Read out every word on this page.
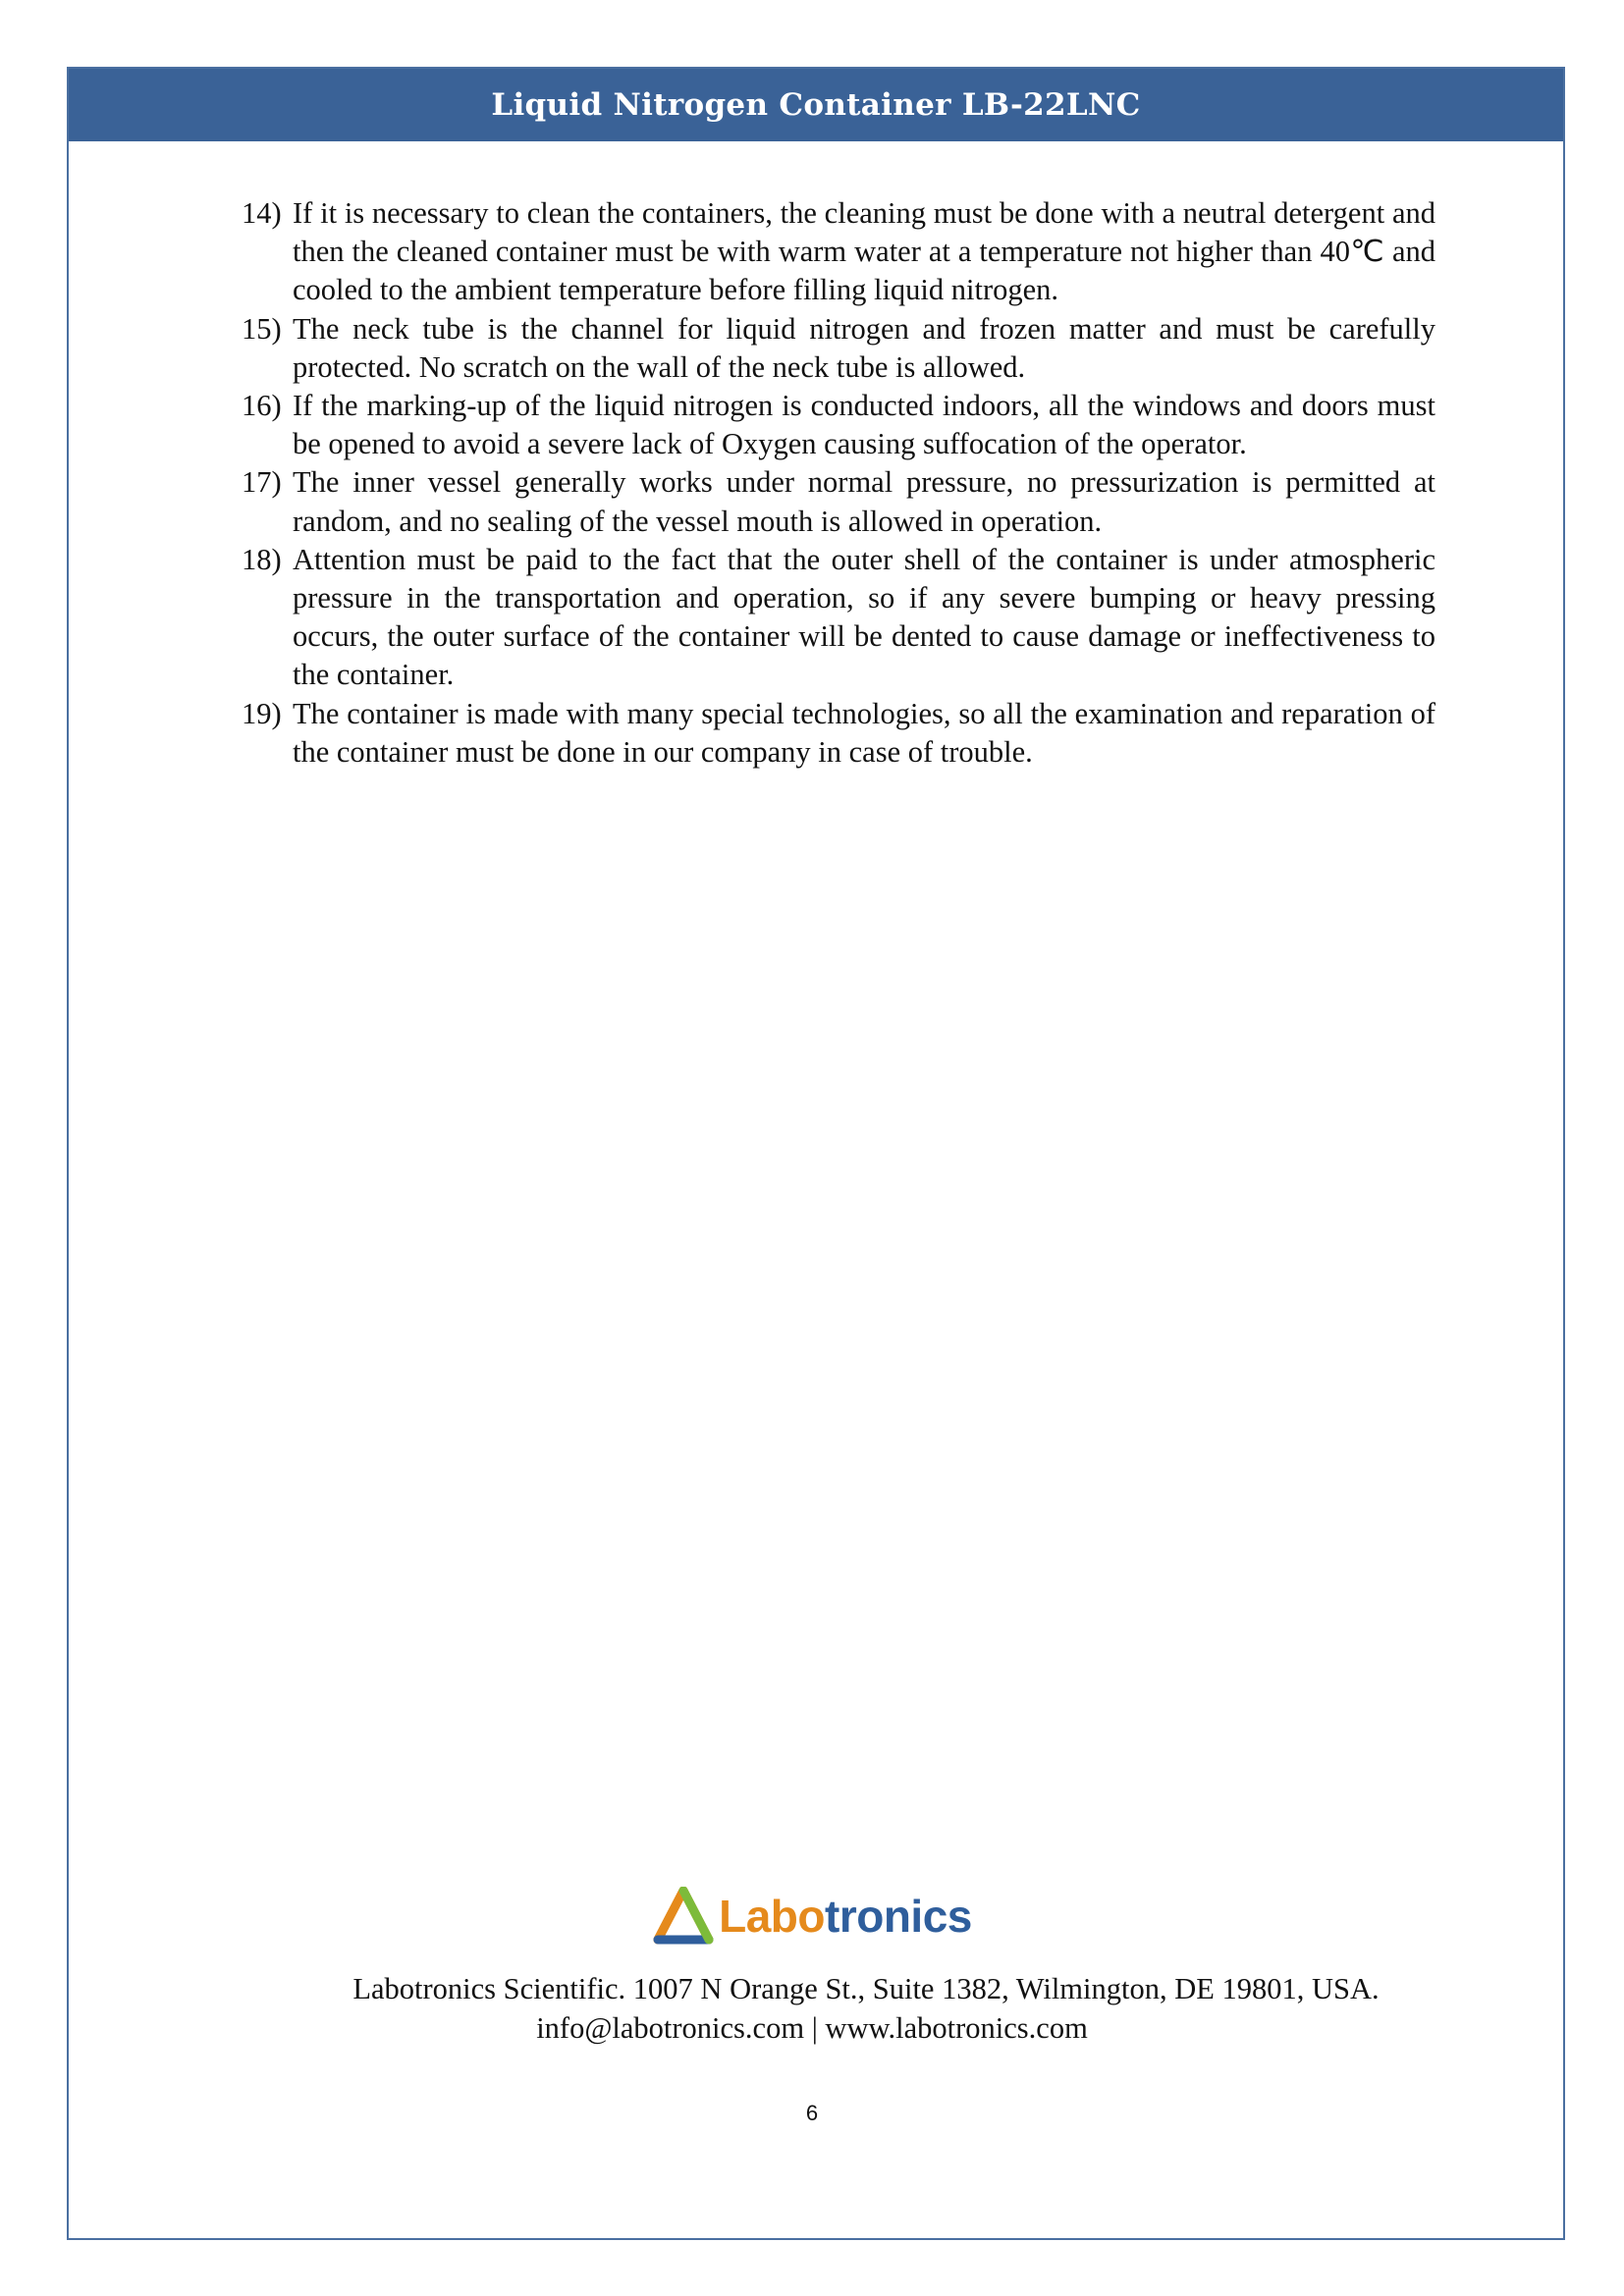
Liquid Nitrogen Container LB-22LNC
14) If it is necessary to clean the containers, the cleaning must be done with a neutral detergent and then the cleaned container must be with warm water at a temperature not higher than 40℃ and cooled to the ambient temperature before filling liquid nitrogen.
15) The neck tube is the channel for liquid nitrogen and frozen matter and must be carefully protected. No scratch on the wall of the neck tube is allowed.
16) If the marking-up of the liquid nitrogen is conducted indoors, all the windows and doors must be opened to avoid a severe lack of Oxygen causing suffocation of the operator.
17) The inner vessel generally works under normal pressure, no pressurization is permitted at random, and no sealing of the vessel mouth is allowed in operation.
18) Attention must be paid to the fact that the outer shell of the container is under atmospheric pressure in the transportation and operation, so if any severe bumping or heavy pressing occurs, the outer surface of the container will be dented to cause damage or ineffectiveness to the container.
19) The container is made with many special technologies, so all the examination and reparation of the container must be done in our company in case of trouble.
Labotronics
Labotronics Scientific. 1007 N Orange St., Suite 1382, Wilmington, DE 19801, USA.
info@labotronics.com | www.labotronics.com
6
